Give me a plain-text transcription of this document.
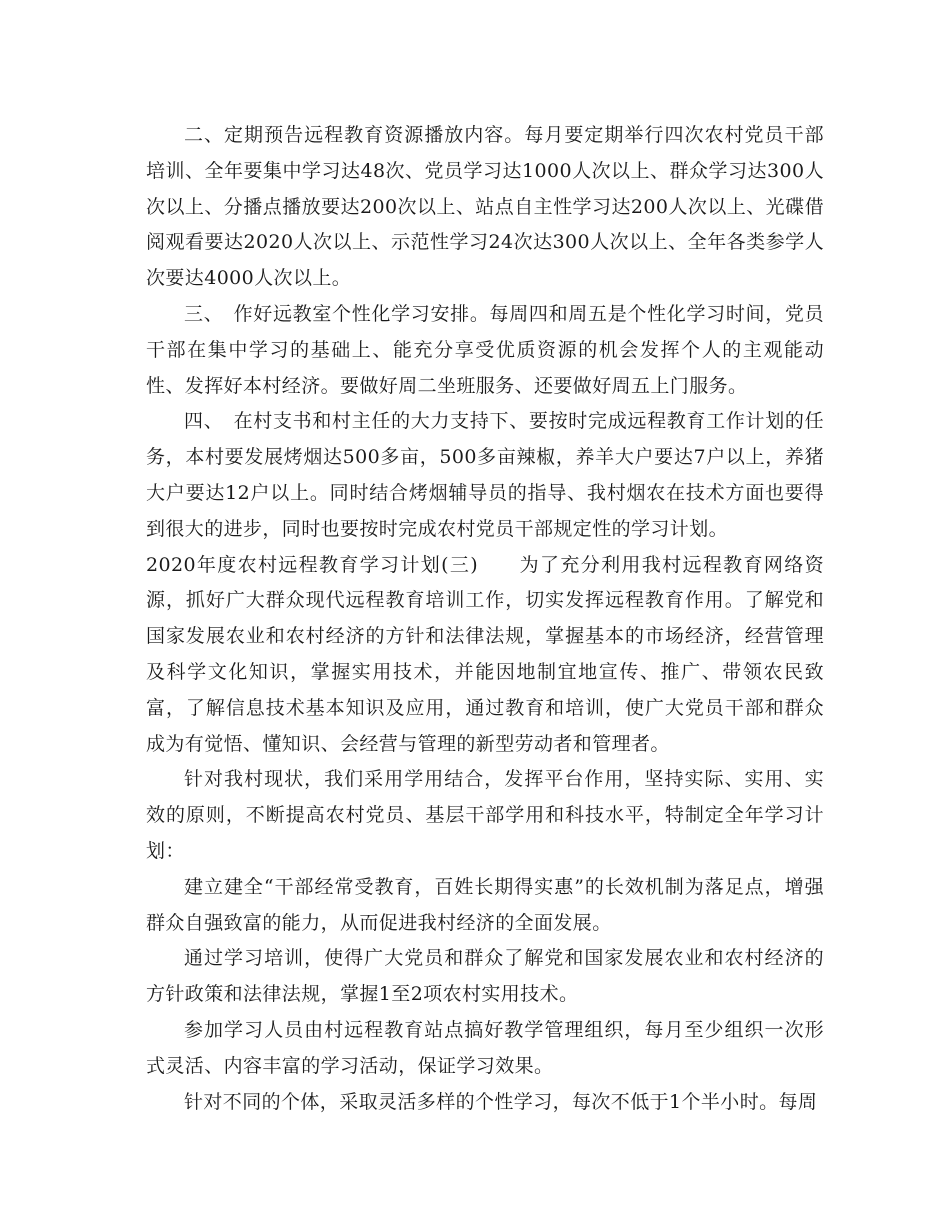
二、定期预告远程教育资源播放内容。每月要定期举行四次农村党员干部培训、全年要集中学习达48次、党员学习达1000人次以上、群众学习达300人次以上、分播点播放要达200次以上、站点自主性学习达200人次以上、光碟借阅观看要达2020人次以上、示范性学习24次达300人次以上、全年各类参学人次要达4000人次以上。

三、　作好远教室个性化学习安排。每周四和周五是个性化学习时间，党员干部在集中学习的基础上、能充分享受优质资源的机会发挥个人的主观能动性、发挥好本村经济。要做好周二坐班服务、还要做好周五上门服务。

四、　在村支书和村主任的大力支持下、要按时完成远程教育工作计划的任务，本村要发展烤烟达500多亩，500多亩辣椒，养羊大户要达7户以上，养猪大户要达12户以上。同时结合烤烟辅导员的指导、我村烟农在技术方面也要得到很大的进步，同时也要按时完成农村党员干部规定性的学习计划。

2020年度农村远程教育学习计划(三)　　为了充分利用我村远程教育网络资源，抓好广大群众现代远程教育培训工作，切实发挥远程教育作用。了解党和国家发展农业和农村经济的方针和法律法规，掌握基本的市场经济，经营管理及科学文化知识，掌握实用技术，并能因地制宜地宣传、推广、带领农民致富，了解信息技术基本知识及应用，通过教育和培训，使广大党员干部和群众成为有觉悟、懂知识、会经营与管理的新型劳动者和管理者。

针对我村现状，我们采用学用结合，发挥平台作用，坚持实际、实用、实效的原则，不断提高农村党员、基层干部学用和科技水平，特制定全年学习计划：

建立建全“干部经常受教育，百姓长期得实惠”的长效机制为落足点，增强群众自强致富的能力，从而促进我村经济的全面发展。

通过学习培训，使得广大党员和群众了解党和国家发展农业和农村经济的方针政策和法律法规，掌握1至2项农村实用技术。

参加学习人员由村远程教育站点搞好教学管理组织，每月至少组织一次形式灵活、内容丰富的学习活动，保证学习效果。

针对不同的个体，采取灵活多样的个性学习，每次不低于1个半小时。每周
